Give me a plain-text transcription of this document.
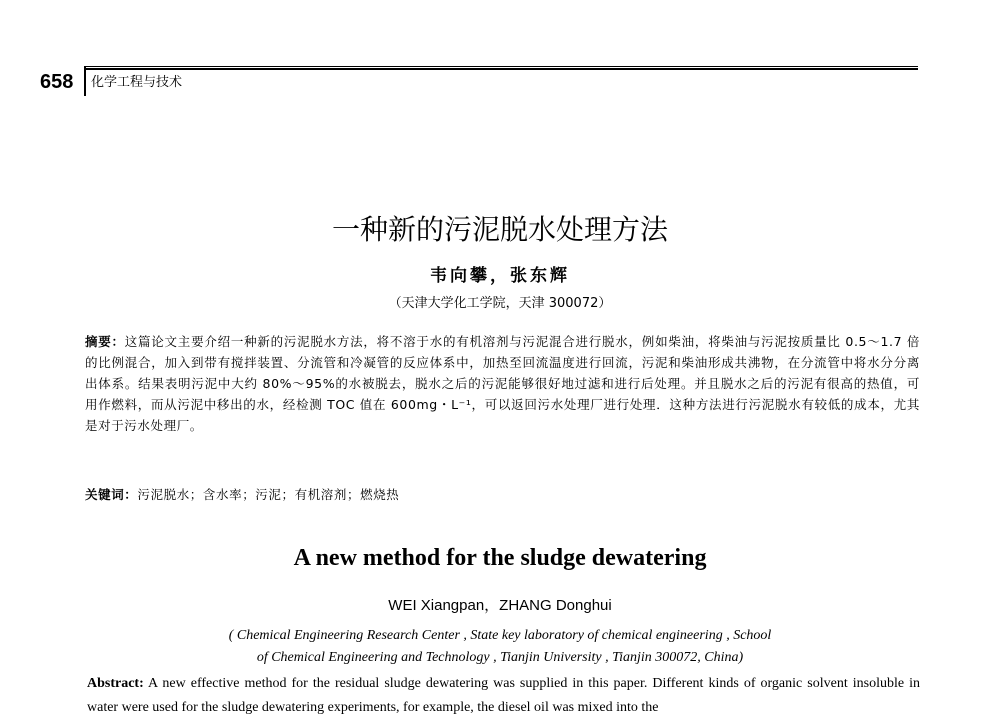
658 化学工程与技术
一种新的污泥脱水处理方法
韦向攀，张东辉
（天津大学化工学院，天津 300072）
摘要：这篇论文主要介绍一种新的污泥脱水方法，将不溶于水的有机溶剂与污泥混合进行脱水，例如柴油，将柴油与污泥按质量比 0.5～1.7 倍的比例混合，加入到带有搅拌装置、分流管和冷凝管的反应体系中，加热至回流温度进行回流，污泥和柴油形成共沸物，在分流管中将水分分离出体系。结果表明污泥中大约 80%～95%的水被脱去，脱水之后的污泥能够很好地过滤和进行后处理。并且脱水之后的污泥有很高的热值，可用作燃料，而从污泥中移出的水，经检测 TOC 值在 600mg・L⁻¹，可以返回污水处理厂进行处理．这种方法进行污泥脱水有较低的成本，尤其是对于污水处理厂。
关键词：污泥脱水；含水率；污泥；有机溶剂；燃烧热
A new method for the sludge dewatering
WEI Xiangpan，ZHANG Donghui
( Chemical Engineering Research Center , State key laboratory of chemical engineering , School
of Chemical Engineering and Technology , Tianjin University , Tianjin 300072, China)
Abstract: A new effective method for the residual sludge dewatering was supplied in this paper. Different kinds of organic solvent insoluble in water were used for the sludge dewatering experiments, for example, the diesel oil was mixed into the
